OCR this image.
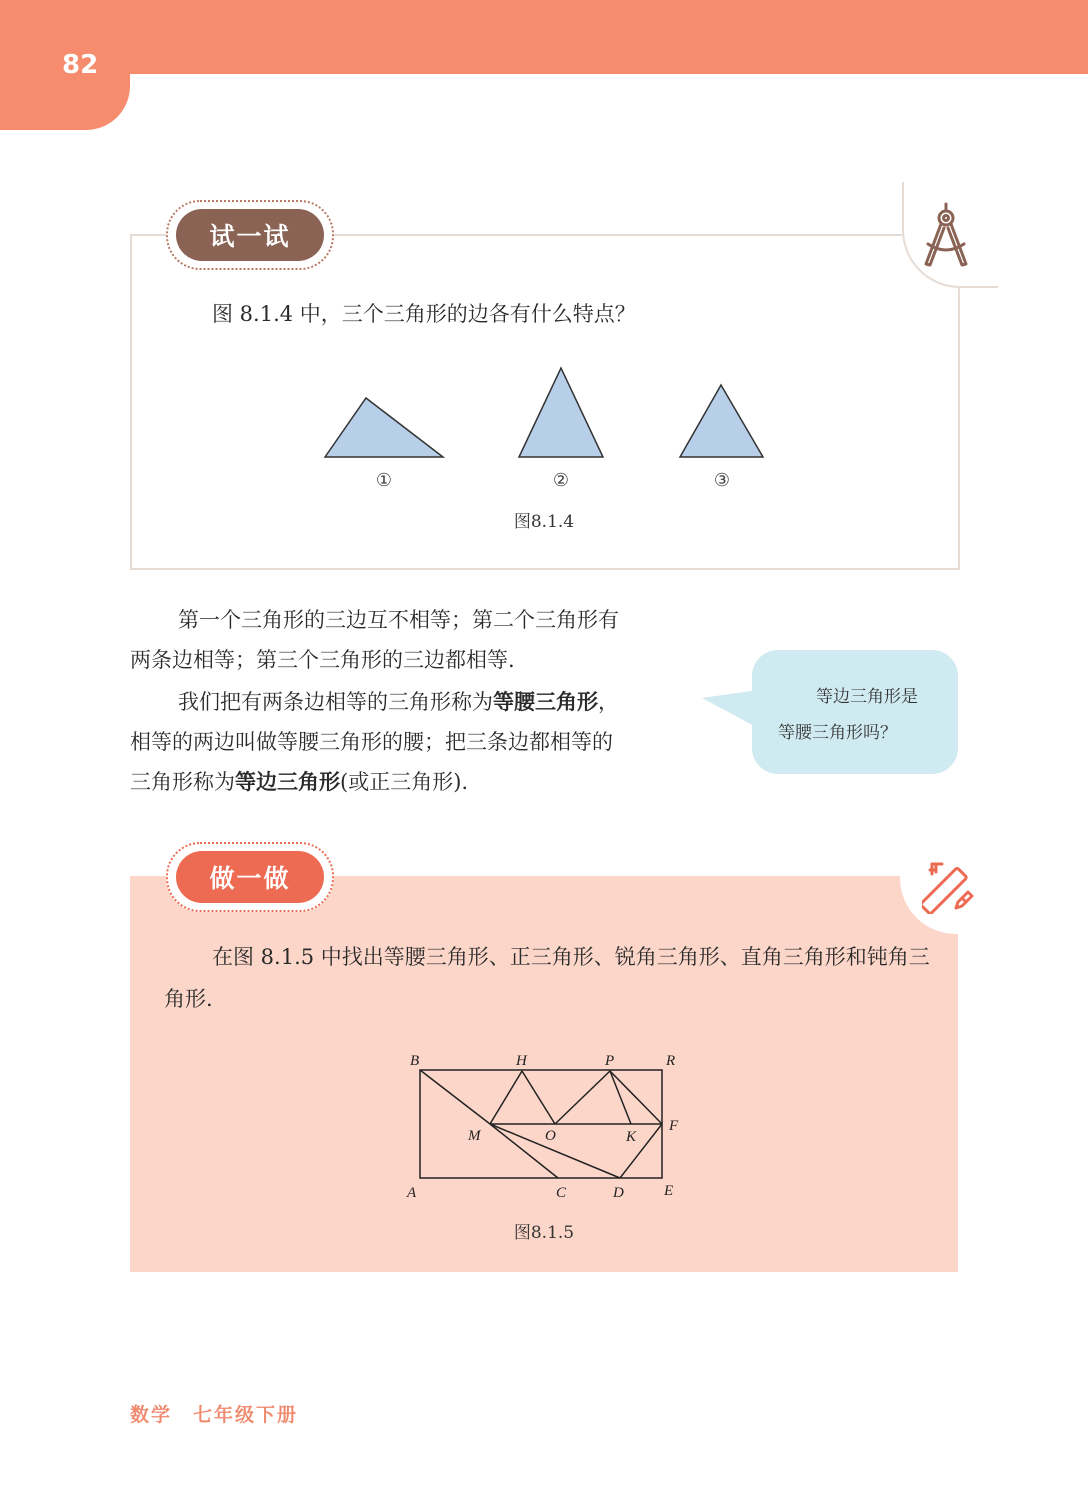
82
试一试
图 8.1.4 中，三个三角形的边各有什么特点？
①	②	③
图8.1.4
第一个三角形的三边互不相等；第二个三角形有
两条边相等；第三个三角形的三边都相等.
我们把有两条边相等的三角形称为等腰三角形，
相等的两边叫做等腰三角形的腰；把三条边都相等的
三角形称为等边三角形(或正三角形).
等边三角形是
等腰三角形吗？
做一做
在图 8.1.5 中找出等腰三角形、正三角形、锐角三角形、直角三角形和钝角三角形.
B	H	P	R
M	O	K
F
A	C	D	E
图8.1.5
数学　七年级下册
